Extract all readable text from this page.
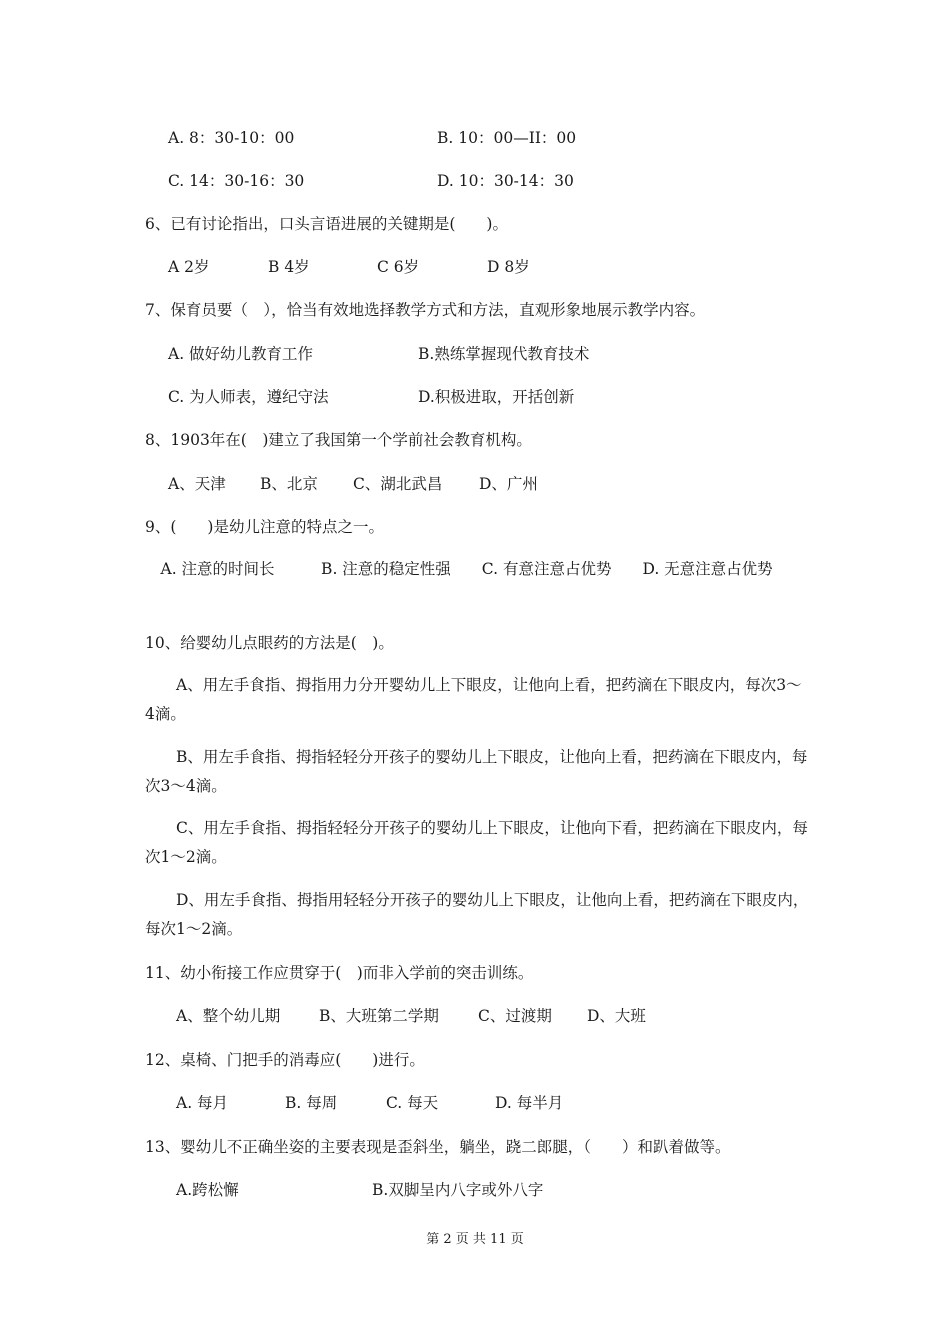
A. 8：30-10：00	B. 10：00—II：00
C. 14：30-16：30	D. 10：30-14：30
6、已有讨论指出，口头言语进展的关键期是(　　)。
A 2岁	B 4岁	C 6岁	D 8岁
7、保育员要（　），恰当有效地选择教学方式和方法，直观形象地展示教学内容。
A. 做好幼儿教育工作	B.熟练掌握现代教育技术
C. 为人师表，遵纪守法	D.积极进取，开括创新
8、1903年在(　)建立了我国第一个学前社会教育机构。
A、天津 B、北京 C、湖北武昌 D、广州
9、(　　)是幼儿注意的特点之一。
　A. 注意的时间长　　　B. 注意的稳定性强　　C. 有意注意占优势　　D. 无意注意占优势
10、给婴幼儿点眼药的方法是(　)。
　　A、用左手食指、拇指用力分开婴幼儿上下眼皮，让他向上看，把药滴在下眼皮内，每次3～4滴。
　　B、用左手食指、拇指轻轻分开孩子的婴幼儿上下眼皮，让他向上看，把药滴在下眼皮内，每次3～4滴。
　　C、用左手食指、拇指轻轻分开孩子的婴幼儿上下眼皮，让他向下看，把药滴在下眼皮内，每次1～2滴。
　　D、用左手食指、拇指用轻轻分开孩子的婴幼儿上下眼皮，让他向上看，把药滴在下眼皮内，每次1～2滴。
11、幼小衔接工作应贯穿于(　)而非入学前的突击训练。
A、整个幼儿期	B、大班第二学期	C、过渡期 D、大班
12、桌椅、门把手的消毒应(　　)进行。
A. 每月	B. 每周	C. 每天	D. 每半月
13、婴幼儿不正确坐姿的主要表现是歪斜坐，躺坐，跷二郎腿，（　　）和趴着做等。
A.跨松懈	B.双脚呈内八字或外八字
第 2 页 共 11 页
